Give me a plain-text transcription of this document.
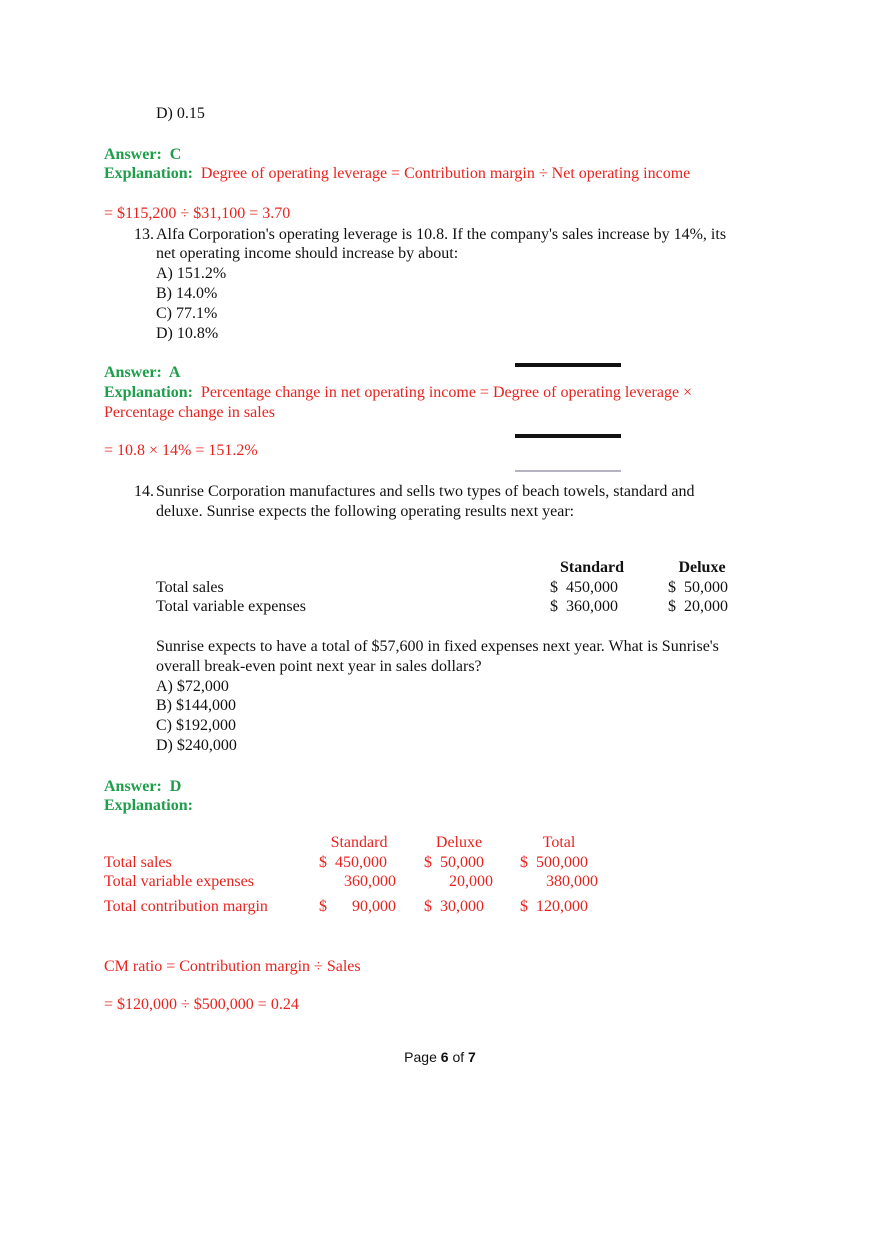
D) 0.15
Answer: C
Explanation: Degree of operating leverage = Contribution margin ÷ Net operating income
= $115,200 ÷ $31,100 = 3.70
13. Alfa Corporation's operating leverage is 10.8. If the company's sales increase by 14%, its
net operating income should increase by about:
A) 151.2%
B) 14.0%
C) 77.1%
D) 10.8%
Answer: A
Explanation: Percentage change in net operating income = Degree of operating leverage ×
Percentage change in sales
= 10.8 × 14% = 151.2%
14. Sunrise Corporation manufactures and sells two types of beach towels, standard and
deluxe. Sunrise expects the following operating results next year:
Standard	Deluxe
Total sales	$  450,000	$  50,000
Total variable expenses	$  360,000	$  20,000
Sunrise expects to have a total of $57,600 in fixed expenses next year. What is Sunrise's
overall break-even point next year in sales dollars?
A) $72,000
B) $144,000
C) $192,000
D) $240,000
Answer: D
Explanation:
Standard	Deluxe	Total
Total sales	$  450,000 $  50,000 $  500,000
Total variable expenses	360,000	20,000	380,000
Total contribution margin	$	90,000 $  30,000 $  120,000
CM ratio = Contribution margin ÷ Sales
= $120,000 ÷ $500,000 = 0.24
Page 6 of 7
